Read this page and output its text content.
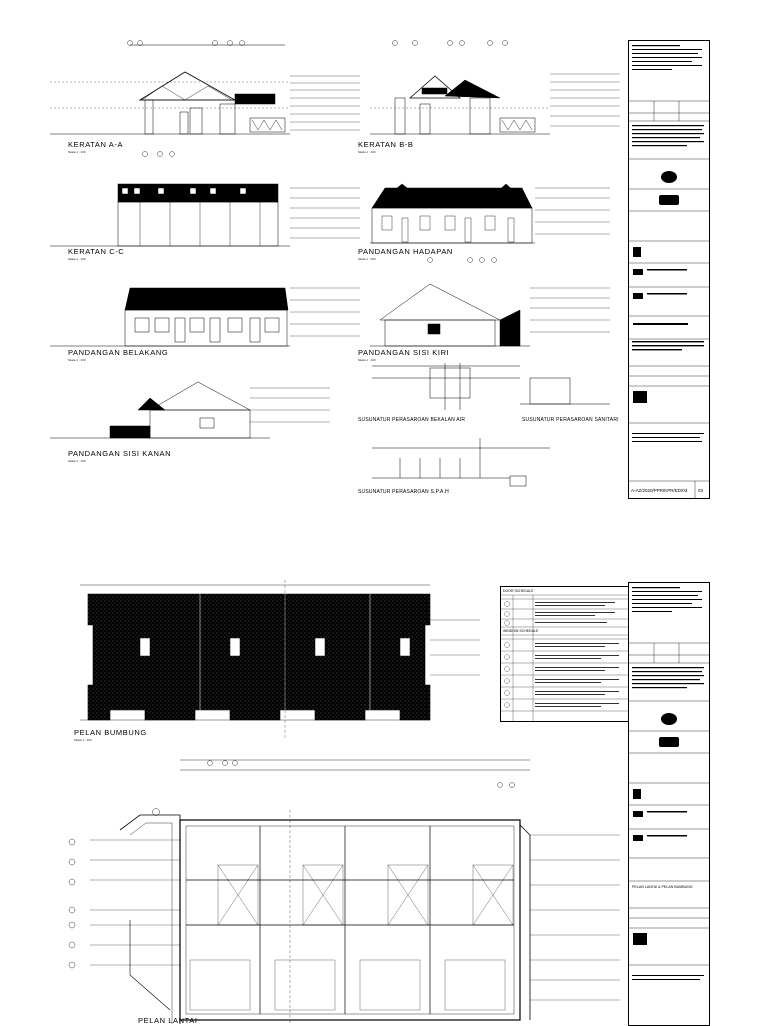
KERATAN A-A	KERATAN B-B
KERATAN C-C	PANDANGAN HADAPAN
PANDANGAN BELAKANG	PANDANGAN SISI KIRI
PANDANGAN SISI KANAN
SUSUNATUR PERASAROAN BEKALAN AIR	SUSUNATUR PERASAROAN SANITARI
SUSUNATUR PERASAROAN S.P.A.H
Skala 1 : 100	Skala 1 : 100
Skala 1 : 100	Skala 1 : 100
Skala 1 : 100	Skala 1 : 100
Skala 1 : 100
A-AZ/2020/PPR/KPR/ED/03 03
PELAN BUMBUNG
Skala 1 : 100
PELAN LANTAI
DOOR SCHEDULE
WINDOW SCHEDULE
PELAN LANTAI & PELAN BUMBUNG
